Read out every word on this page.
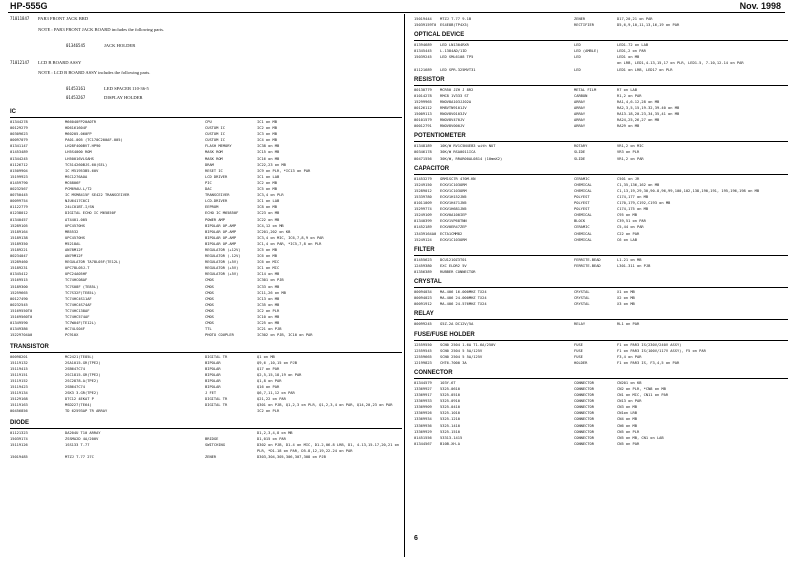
HP-555G	Nov. 1998
71011847 PAR3 FRONT JACK BRD
NOTE : PAR3 FRONT JACK BOARD includes the following parts.
01346545	JACK HOLDER
71012147 LCD B BOARD ASSY
NOTE : LCD B BOARD ASSY includes the following parts.
01453161	LED SPACER 110-36-5
01453267	DISPLAY HOLDER
IC
01344278	M66040FP20A0TR	CPU	IC1 on MB
00129279	HD6161604F	CUSTOM IC	IC2 on MB
00309623	M60205-060FP	CUSTOM IC	IC3 on MB
00097079	PA01-005 (TC170C200AF-005)	CUSTOM IC	IC4 on MB
01341147	LH28F400BVT-HP90	FLASH MEMORY	IC38 on MB
01453489	LH5S4000 ROM	MASK ROM	IC15 on MB
01344245	LH50016VLSAHS	MASK ROM	IC16 on MB
01126712	TC514260BJS-60(SEL)	DRAM	IC22,23 on MB
01509904	IC M51953B5-60V	RESET IC	IC9 on PLR, *IC13 on PAR
15199923	MSC1276AOA	LCD DRIVER	IC1 on LAB
01459790	MC6806F	PIC	IC2 on MB
00232567	PCM69AU-L/T2	DAC	IC5 on MB
00750445	IC MSM8415F SE422 TRANSCEIVER	TRANSCEIVER	IC3,4 on PLR
00099754	NJU6417C0CI	LCD-DRIVER	IC1 on LAB
01122779	24LC01BT-I/SN	EEPROM	IC8 on MB
01238012	DIGITAL ECHO IC M65850F	ECHO IC M65850F	IC23 on MB
01340457	AT4401-005	POWER AMP	IC22 on MB
15289105	UPC4570HS	BIPOLAR OP-AMP	IC4,12 on MB
15189164	MB5532	BIPOLAR OP-AMP	IC201,202 on KB
15189138	UPC4570HS	BIPOLAR OP-AMP	IC3,4 on MIC, IC6,7,8,9 on PAR
15189350	M5218AL	BIPOLAR OP-AMP	IC1,4 on PAR, *IC5,7,8 on PLR
15189221	AN78M12F	REGULATOR (+12V)	IC5 on MB
00234047	AN79M12F	REGULATOR (-12V)	IC6 on MB
15289460	REGULATOR TA78L05F(TE12L)	REGULATOR (+5V)	IC6 on MIC
15189231	UPC78L05J-T	REGULATOR (+5V)	IC1 on MIC
01345412	UPC24A05HF	REGULATOR (+5V)	IC14 on MB
15169515	TC74HC08AF	CMOS	IC301 on PJB
15189300	TC7S08F (TE85L)	CMOS	IC33 on MB
15259665	TC7S32F(TE85L)	CMOS	IC11,26 on MB
00127490	TC74HC4S11AF	CMOS	IC13 on MB
00232545	TC74HC4S74AF	CMOS	IC35 on MB
15169550T0	TC74HC138AF	CMOS	IC2 on PLR
15169560T0	TC74HC574AF	CMOS	IC10 on MB
01349590	TC7W04F(TE12L)	CMOS	IC25 on MB
01349386	HC74LS04F	TTL	IC21 on PJB
15229704A0	PC910X	PHOTO COUPLER	IC302 on PJB, IC10 on PAR
TRANSISTOR
00098201	MC2421(TE85L)	DIGITAL TR	Q1 on MB
15119132	2SA1015-GR(TPE2)	BIPOLAR	Q9,6 ,10,15 on PJB
15119415	2SB647C74	BIPOLAR	Q17 on PAR
15119151	2SC1815-GR(TPE2)	BIPOLAR	Q2,5,15,18,19 on PAR
15119152	2SC2878-A(TPE2)	BIPOLAR	Q1,8 on PAR
15119423	2SB647C74	BIPOLAR	Q16 on PAR
15119134	2SK3 3-GR(TPE2)	J FET	Q6,7,11,12 on PAR
15129168	DTC12 4EKAT P	DIGITAL TR	Q21,22 on PAR
15119163	MSD227(TE64)	DIGITAL TR	Q301 on PJB, Q1,2,3 on PLR, Q1,2,3,4 on PAR, Q14,20,23 on PAR
00456856	TD 62593AP TR ARRAY	IC2 on PLR
DIODE
01121323	DA204U T10 ARRAY	D1,2,3,4,8 on MB
15039174	ZSSMA2D 4A/200V	BRIDGE	D1,015 on PAR
15119126	1SS133 T-77	SWITCHING	D302 on PJB, D1-4 on MIC, D1-2,06-8 LRB, D1, 4-13,15-17,20,21 on PLR, *D1-18 on PAR, D5-8,12,19,22-24 on PAR
15019485	MTZJ T-77 27C	ZENER	D303,304,305,306,307,308 on PJB
15019444 MTZJ T-77 9.1B	ZENER	D17,20,21 on PAR
15039159T0 ES4E8B(TP4X3)	RECTIFIER	D5,6,9,10,11,13,16,19 on PAR
OPTICAL DEVICE
01394689 LED LN1304RXR	LED	LED1-72 on LAB
01345445 L-1384AD/1ID	LED (AMBLE)	LED1,2 on PAR
15039245 LED SML6108 TP5	LED	LED1 on MB
on LRB, LED1,4-13,15,17 on PLR, LED1-5, 7-10,12-14 on PAR
01121689 LED SPR-325MVT31	LED	LED1 on LRB, LED17 on PLR
RESISTOR
00130779 MCR50 JZH J 8R2	METAL FILM	R7 on LAB
01014278 RMC8 1V333 ST	CARBON	R1,2 on PAR
15299965 RNOV8A103JJ02A	ARRAY	RA1,4,6-12,28 on MB
00126112 RM8VTN9101JV	ARRAY	RA2,3,5,15,19-32,39-40 on MB
15009113 RNOV8V0103JV	ARRAY	RA13-18,20-23,34,35,41 on MB
00101579 RNOV8V470JV	ARRAY	RA24,25,26,27 on MB
00012791 RNOV8V000JV	ARRAY	RA29 on MB
POTENTIOMETER
01348189 10K/W RV1C5N4EB3 with NUT	ROTARY	VR1,2 on MIC
00346178 30K/W RSA0011ICA	SLIDE	VR3 on PLR
00471556 30K/W, RRAR00AL0814 (10mmX2)	SLIDE	VR1,2 on PAR
CAPACITOR
01453279 GRM1SC7R 470M-KN	CERAMIC	C501 on JR
15249150 ECKV1C103ORM	CHEMICAL	C1,35,136,162 on MB
15289012 ECKV1C103ORM	CHEMICAL	C1,13,19,29,30,90-8,96,99,100,102,138,190,191, 195,196,198 on MB
15339780 ECKV1H152JN5	POLYEST	C174,177 on MB
01011009 ECKV1H471JN5	POLYEST	C170,179,C192,C193 on MB
15299774 ECKV1H681JN5	POLYEST	C174,175 on MB
15249109 ECKV0A100IEP	CHEMICAL	C95 on MB
01340399 ECKV1VP68TNN	BLOCK	C39,51 on PAR
01452189 ECKV0ER47ZEP	CERAMIC	C5,44 on PAR
13439164A0 ECTA1CMM82	CHEMICAL	C22 on PAR
15249124 ECKV1C103ORM	CHEMICAL	C6 on LAB
FILTER
01455623 DCU1210Z3T01	FERRITE-BEAD	L1-21 on MB
12459380 EXC ELDR2 5V	FERRITE-BEAD	L301-311 on PJB
01356389 RUBBER CONNECTOR
CRYSTAL
00094034 MA-406 16.000MHZ TX24	CRYSTAL	X1 on MB
00094023 MA-406 24.000MHZ TX24	CRYSTAL	X2 on MB
00091912 MA-406 24.576MHZ TX24	CRYSTAL	X3 on MB
RELAY
00099245 G5Z-2A DC12V/5A	RELAY	RL1 on PAR
FUSE/FUSE HOLDER
12559550 SCN0 2504 1.6A T1.6A/250V	FUSE	F1 on PAR3 IS(230V/240V ASSY)
12559545 SCN0 2504 5 5A/125V	FUSE	F1 on PAR3 IS(100V/117V ASSY), F5 on PAR
12559665 SCN0 2504 5 5A/125V	FUSE	F3,4 on PAR
12199823 CHT6-7000 3A	HOLDER	F1 on PAR3 IS, F3,4,5 on PAR
CONNECTOR
01344579 103Y-6T	CONNECTOR	CN201 on KB
13369927 5325-0610	CONNECTOR	CN2 on PLR, *CN8 on MB
13369917 5325-0510	CONNECTOR	CN1 on MIC, CN11 on PAR
13369933 5325-0910	CONNECTOR	CN13 on PAR
13369909 5325-0410	CONNECTOR	CN3 on MB
13369926 5325-1010	CONNECTOR	CN1on LRB
13369934 5325-1210	CONNECTOR	CN4 on MB
13369936 5325-1410	CONNECTOR	CN6 on MB
13369929 5325-1510	CONNECTOR	CN5 on PLR
01451556 53313-1415	CONNECTOR	CN5 on MB, CN1 on LAB
01344567 B10B-XH-A	CONNECTOR	CN5 on PAR
6
